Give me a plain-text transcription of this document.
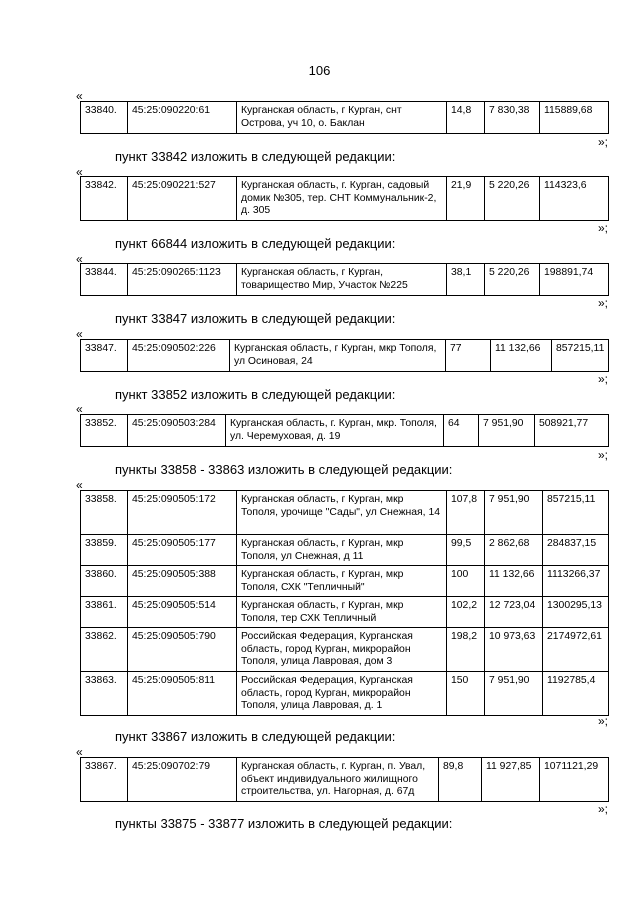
106
«
33840.	45:25:090220:61	Курганская область, г Курган, снт Острова, уч 10, о. Баклан	14,8	7 830,38	115889,68
»;
пункт 33842 изложить в следующей редакции:
«
33842.	45:25:090221:527	Курганская область, г. Курган, садовый домик №305, тер. СНТ Коммунальник-2, д. 305	21,9	5 220,26	114323,6
»;
пункт 66844 изложить в следующей редакции:
«
33844.	45:25:090265:1123	Курганская область, г Курган, товарищество Мир, Участок №225	38,1	5 220,26	198891,74
»;
пункт 33847 изложить в следующей редакции:
«
33847.	45:25:090502:226	Курганская область, г Курган, мкр Тополя, ул Осиновая, 24	77	11 132,66	857215,11
»;
пункт 33852 изложить в следующей редакции:
«
33852.	45:25:090503:284	Курганская область, г. Курган, мкр. Тополя, ул. Черемуховая, д. 19	64	7 951,90	508921,77
»;
пункты 33858 - 33863 изложить в следующей редакции:
«
33858.	45:25:090505:172	Курганская область, г Курган, мкр Тополя, урочище "Сады", ул Снежная, 14	107,8	7 951,90	857215,11
33859.	45:25:090505:177	Курганская область, г Курган, мкр Тополя, ул Снежная, д 11	99,5	2 862,68	284837,15
33860.	45:25:090505:388	Курганская область, г Курган, мкр Тополя, СХК "Тепличный"	100	11 132,66	1113266,37
33861.	45:25:090505:514	Курганская область, г Курган, мкр Тополя, тер СХК Тепличный	102,2	12 723,04	1300295,13
33862.	45:25:090505:790	Российская Федерация, Курганская область, город Курган, микрорайон Тополя, улица Лавровая, дом 3	198,2	10 973,63	2174972,61
33863.	45:25:090505:811	Российская Федерация, Курганская область, город Курган, микрорайон Тополя, улица Лавровая, д. 1	150	7 951,90	1192785,4
»;
пункт 33867 изложить в следующей редакции:
«
33867.	45:25:090702:79	Курганская область, г. Курган, п. Увал, объект индивидуального жилищного строительства, ул. Нагорная, д. 67д	89,8	11 927,85	1071121,29
»;
пункты 33875 - 33877 изложить в следующей редакции:
